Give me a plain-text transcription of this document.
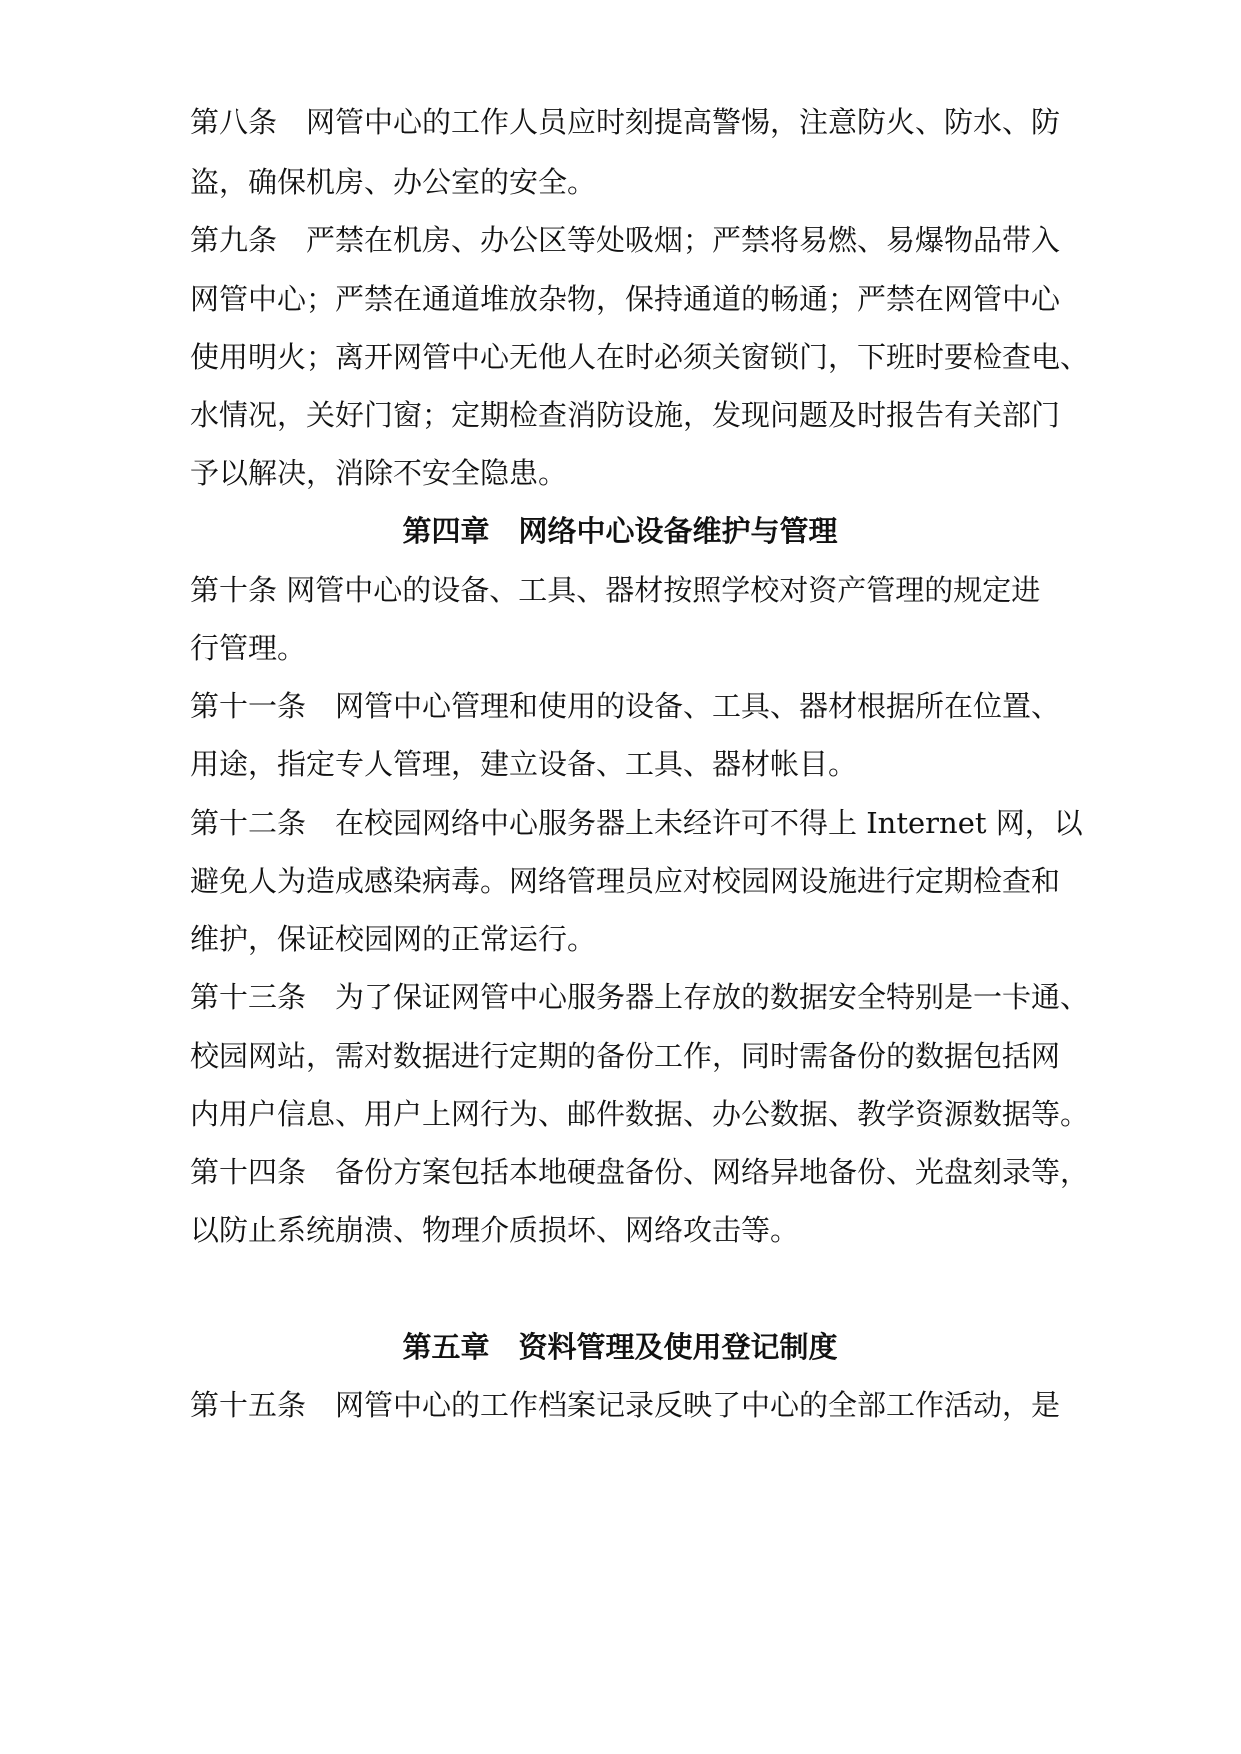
第八条　网管中心的工作人员应时刻提高警惕，注意防火、防水、防
盗，确保机房、办公室的安全。
第九条　严禁在机房、办公区等处吸烟；严禁将易燃、易爆物品带入
网管中心；严禁在通道堆放杂物，保持通道的畅通；严禁在网管中心
使用明火；离开网管中心无他人在时必须关窗锁门，下班时要检查电、
水情况，关好门窗；定期检查消防设施，发现问题及时报告有关部门
予以解决，消除不安全隐患。
第四章　网络中心设备维护与管理
第十条 网管中心的设备、工具、器材按照学校对资产管理的规定进
行管理。
第十一条　网管中心管理和使用的设备、工具、器材根据所在位置、
用途，指定专人管理，建立设备、工具、器材帐目。
第十二条　在校园网络中心服务器上未经许可不得上 Internet 网，以
避免人为造成感染病毒。网络管理员应对校园网设施进行定期检查和
维护，保证校园网的正常运行。
第十三条　为了保证网管中心服务器上存放的数据安全特别是一卡通、
校园网站，需对数据进行定期的备份工作，同时需备份的数据包括网
内用户信息、用户上网行为、邮件数据、办公数据、教学资源数据等。
第十四条　备份方案包括本地硬盘备份、网络异地备份、光盘刻录等，
以防止系统崩溃、物理介质损坏、网络攻击等。
第五章　资料管理及使用登记制度
第十五条　网管中心的工作档案记录反映了中心的全部工作活动，是
